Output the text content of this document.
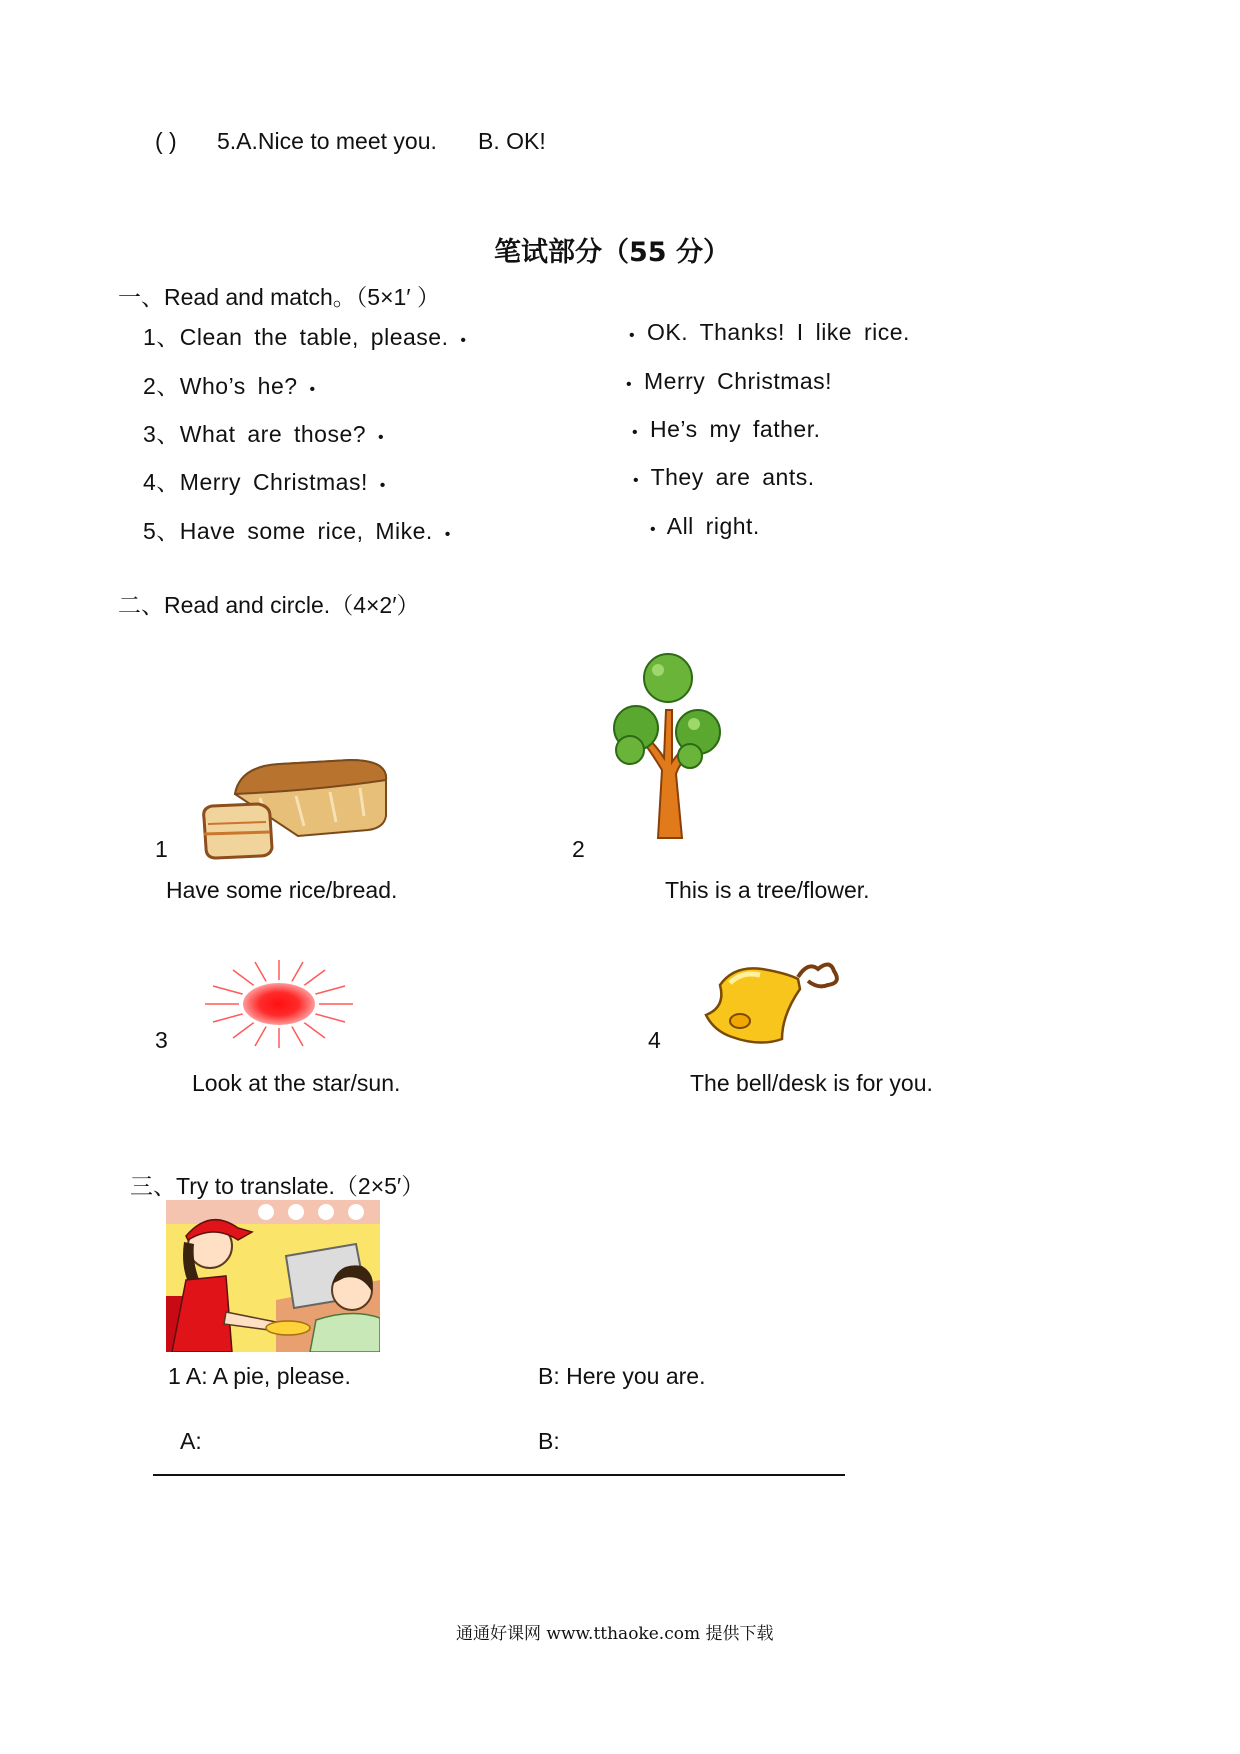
( ) 5.A.Nice to meet you. B. OK!
笔试部分（55 分）
一、Read and match。（5×1′ ）
1、Clean the table, please. •
2、Who’s he? •
3、What are those? •
4、Merry Christmas! •
5、Have some rice, Mike. •
• OK. Thanks! I like rice.
• Merry Christmas!
• He’s my father.
• They are ants.
• All right.
二、Read and circle.（4×2′）
1
Have some rice/bread.
2
This is a tree/flower.
3
Look at the star/sun.
4
The bell/desk is for you.
三、Try to translate.（2×5′）
1 A: A pie, please.	B: Here you are.
A:	B:
通通好课网 www.tthaoke.com 提供下载
